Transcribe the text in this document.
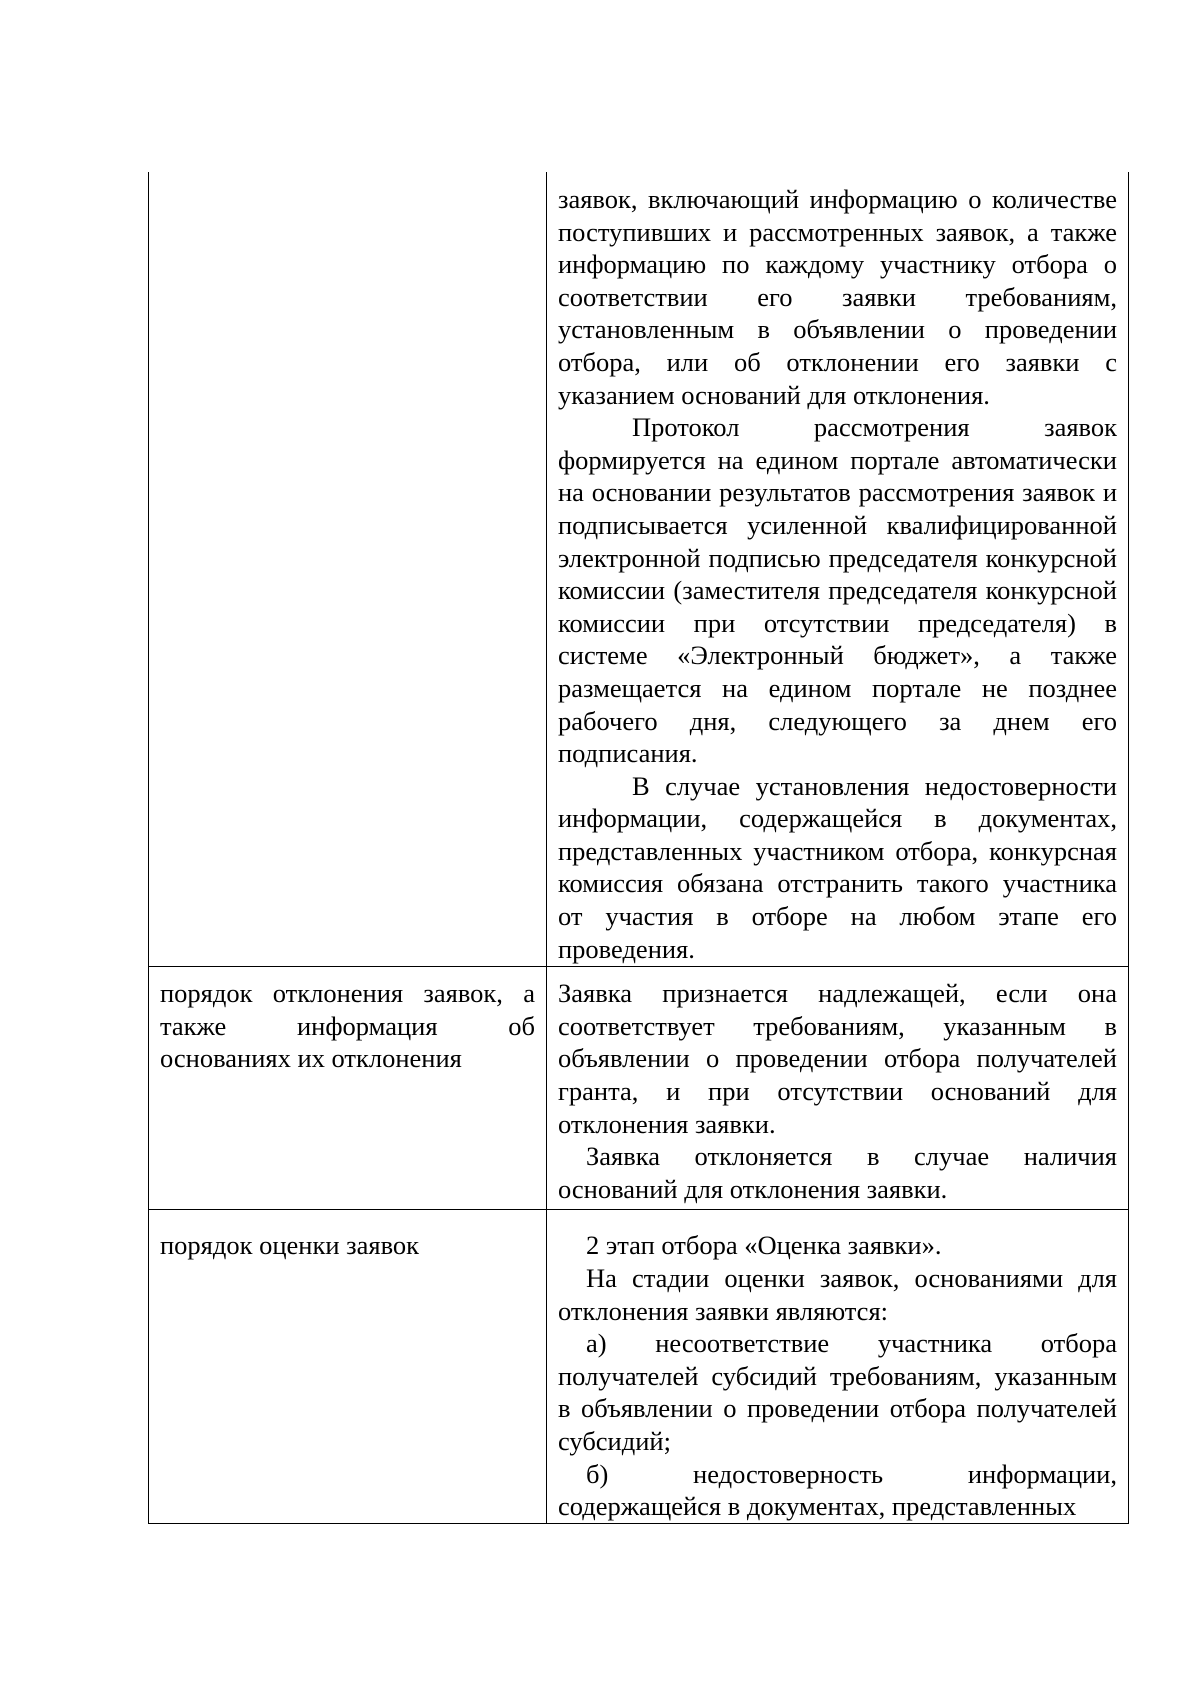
	заявок, включающий информацию о количестве поступивших и рассмотренных заявок, а также информацию по каждому участнику отбора о соответствии его заявки требованиям, установленным в объявлении о проведении отбора, или об отклонении его заявки с указанием оснований для отклонения.

Протокол рассмотрения заявок формируется на едином портале автоматически на основании результатов рассмотрения заявок и подписывается усиленной квалифицированной электронной подписью председателя конкурсной комиссии (заместителя председателя конкурсной комиссии при отсутствии председателя) в системе «Электронный бюджет», а также размещается на едином портале не позднее рабочего дня, следующего за днем его подписания.

В случае установления недостоверности информации, содержащейся в документах, представленных участником отбора, конкурсная комиссия обязана отстранить такого участника от участия в отборе на любом этапе его проведения.

порядок отклонения заявок, а также информация об основаниях их отклонения	Заявка признается надлежащей, если она соответствует требованиям, указанным в объявлении о проведении отбора получателей гранта, и при отсутствии оснований для отклонения заявки.

Заявка отклоняется в случае наличия оснований для отклонения заявки.

порядок оценки заявок	2 этап отбора «Оценка заявки».

На стадии оценки заявок, основаниями для отклонения заявки являются:

а) несоответствие участника отбора получателей субсидий требованиям, указанным в объявлении о проведении отбора получателей субсидий;

б) недостоверность информации, содержащейся в документах, представленных
